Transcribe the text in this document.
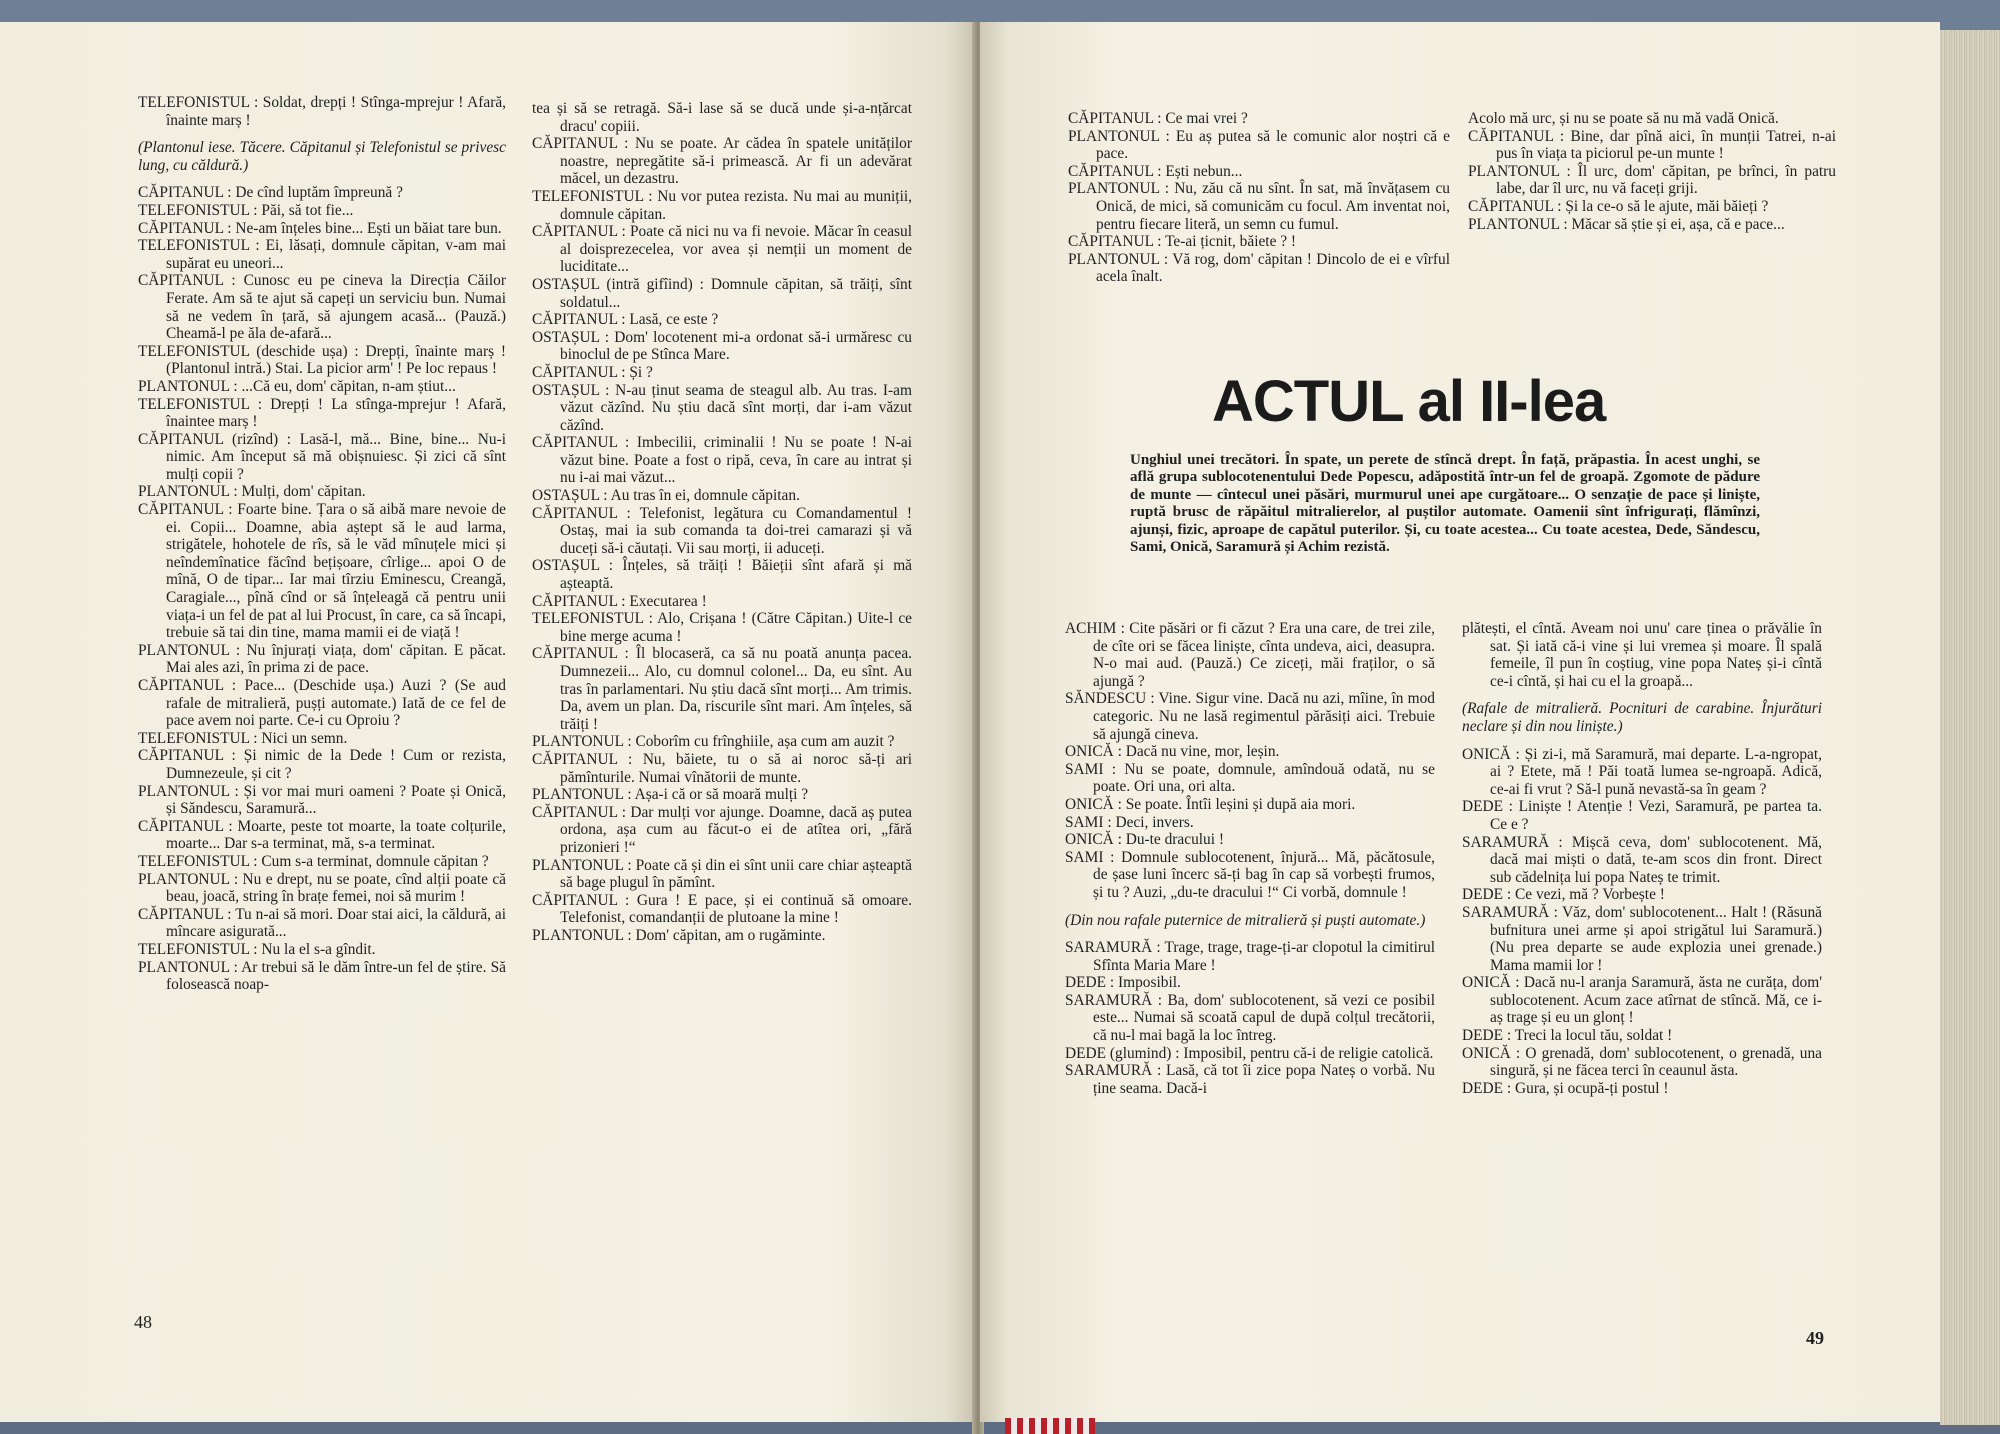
TELEFONISTUL : Soldat, drepți ! Stînga-mprejur ! Afară, înainte marș !

(Plantonul iese. Tăcere. Căpitanul și Telefonistul se privesc lung, cu căldură.)

CĂPITANUL : De cînd luptăm împreună ?

TELEFONISTUL : Păi, să tot fie...

CĂPITANUL : Ne-am înțeles bine... Ești un băiat tare bun.

TELEFONISTUL : Ei, lăsați, domnule căpitan, v-am mai supărat eu uneori...

CĂPITANUL : Cunosc eu pe cineva la Direcția Căilor Ferate. Am să te ajut să capeți un serviciu bun. Numai să ne vedem în țară, să ajungem acasă... (Pauză.) Cheamă-l pe ăla de-afară...

TELEFONISTUL (deschide ușa) : Drepți, înainte marș ! (Plantonul intră.) Stai. La picior arm' ! Pe loc repaus !

PLANTONUL : ...Că eu, dom' căpitan, n-am știut...

TELEFONISTUL : Drepți ! La stînga-mprejur ! Afară, înaintee marș !

CĂPITANUL (rizînd) : Lasă-l, mă... Bine, bine... Nu-i nimic. Am început să mă obișnuiesc. Și zici că sînt mulți copii ?

PLANTONUL : Mulți, dom' căpitan.

CĂPITANUL : Foarte bine. Țara o să aibă mare nevoie de ei. Copii... Doamne, abia aștept să le aud larma, strigătele, hohotele de rîs, să le văd mînuțele mici și neîndemînatice făcînd bețișoare, cîrlige... apoi O de mînă, O de tipar... Iar mai tîrziu Eminescu, Creangă, Caragiale..., pînă cînd or să înțeleagă că pentru unii viața-i un fel de pat al lui Procust, în care, ca să încapi, trebuie să tai din tine, mama mamii ei de viață !

PLANTONUL : Nu înjurați viața, dom' căpitan. E păcat. Mai ales azi, în prima zi de pace.

CĂPITANUL : Pace... (Deschide ușa.) Auzi ? (Se aud rafale de mitralieră, pușți automate.) Iată de ce fel de pace avem noi parte. Ce-i cu Oproiu ?

TELEFONISTUL : Nici un semn.

CĂPITANUL : Și nimic de la Dede ! Cum or rezista, Dumnezeule, și cit ?

PLANTONUL : Și vor mai muri oameni ? Poate și Onică, și Săndescu, Saramură...

CĂPITANUL : Moarte, peste tot moarte, la toate colțurile, moarte... Dar s-a terminat, mă, s-a terminat.

TELEFONISTUL : Cum s-a terminat, domnule căpitan ?

PLANTONUL : Nu e drept, nu se poate, cînd alții poate că beau, joacă, string în brațe femei, noi să murim !

CĂPITANUL : Tu n-ai să mori. Doar stai aici, la căldură, ai mîncare asigurată...

TELEFONISTUL : Nu la el s-a gîndit.

PLANTONUL : Ar trebui să le dăm între-un fel de știre. Să folosească noap-

tea și să se retragă. Să-i lase să se ducă unde și-a-nțărcat dracu' copiii.

CĂPITANUL : Nu se poate. Ar cădea în spatele unităților noastre, nepregătite să-i primească. Ar fi un adevărat măcel, un dezastru.

TELEFONISTUL : Nu vor putea rezista. Nu mai au muniții, domnule căpitan.

CĂPITANUL : Poate că nici nu va fi nevoie. Măcar în ceasul al doisprezecelea, vor avea și nemții un moment de luciditate...

OSTAȘUL (intră gifîind) : Domnule căpitan, să trăiți, sînt soldatul...

CĂPITANUL : Lasă, ce este ?

OSTAȘUL : Dom' locotenent mi-a ordonat să-i urmăresc cu binoclul de pe Stînca Mare.

CĂPITANUL : Și ?

OSTAȘUL : N-au ținut seama de steagul alb. Au tras. I-am văzut căzînd. Nu știu dacă sînt morți, dar i-am văzut căzînd.

CĂPITANUL : Imbecilii, criminalii ! Nu se poate ! N-ai văzut bine. Poate a fost o ripă, ceva, în care au intrat și nu i-ai mai văzut...

OSTAȘUL : Au tras în ei, domnule căpitan.

CĂPITANUL : Telefonist, legătura cu Comandamentul ! Ostaș, mai ia sub comanda ta doi-trei camarazi și vă duceți să-i căutați. Vii sau morți, ii aduceți.

OSTAȘUL : Înțeles, să trăiți ! Băieții sînt afară și mă așteaptă.

CĂPITANUL : Executarea !

TELEFONISTUL : Alo, Crișana ! (Către Căpitan.) Uite-l ce bine merge acuma !

CĂPITANUL : Îl blocaseră, ca să nu poată anunța pacea. Dumnezeii... Alo, cu domnul colonel... Da, eu sînt. Au tras în parlamentari. Nu știu dacă sînt morți... Am trimis. Da, avem un plan. Da, riscurile sînt mari. Am înțeles, să trăiți !

PLANTONUL : Coborîm cu frînghiile, așa cum am auzit ?

CĂPITANUL : Nu, băiete, tu o să ai noroc să-ți ari pămînturile. Numai vînătorii de munte.

PLANTONUL : Așa-i că or să moară mulți ?

CĂPITANUL : Dar mulți vor ajunge. Doamne, dacă aș putea ordona, așa cum au făcut-o ei de atîtea ori, „fără prizonieri !“

PLANTONUL : Poate că și din ei sînt unii care chiar așteaptă să bage plugul în pămînt.

CĂPITANUL : Gura ! E pace, și ei continuă să omoare. Telefonist, comandanții de plutoane la mine !

PLANTONUL : Dom' căpitan, am o rugăminte.

48

CĂPITANUL : Ce mai vrei ?

PLANTONUL : Eu aș putea să le comunic alor noștri că e pace.

CĂPITANUL : Ești nebun...

PLANTONUL : Nu, zău că nu sînt. În sat, mă învățasem cu Onică, de mici, să comunicăm cu focul. Am inventat noi, pentru fiecare literă, un semn cu fumul.

CĂPITANUL : Te-ai țicnit, băiete ? !

PLANTONUL : Vă rog, dom' căpitan ! Dincolo de ei e vîrful acela înalt.

Acolo mă urc, și nu se poate să nu mă vadă Onică.

CĂPITANUL : Bine, dar pînă aici, în munții Tatrei, n-ai pus în viața ta piciorul pe-un munte !

PLANTONUL : Îl urc, dom' căpitan, pe brînci, în patru labe, dar îl urc, nu vă faceți griji.

CĂPITANUL : Și la ce-o să le ajute, măi băieți ?

PLANTONUL : Măcar să știe și ei, așa, că e pace...

49
ACTUL al II-lea
Unghiul unei trecători. În spate, un perete de stîncă drept. În față, prăpastia. În acest unghi, se află grupa sublocotenentului Dede Popescu, adăpostită într-un fel de groapă. Zgomote de pădure de munte — cîntecul unei păsări, murmurul unei ape curgătoare... O senzație de pace și liniște, ruptă brusc de răpăitul mitralierelor, al puștilor automate. Oamenii sînt înfrigurați, flămînzi, ajunși, fizic, aproape de capătul puterilor. Și, cu toate acestea... Cu toate acestea, Dede, Săndescu, Sami, Onică, Saramură și Achim rezistă.

ACHIM : Cite păsări or fi căzut ? Era una care, de trei zile, de cîte ori se făcea liniște, cînta undeva, aici, deasupra. N-o mai aud. (Pauză.) Ce ziceți, măi fraților, o să ajungă ?

SĂNDESCU : Vine. Sigur vine. Dacă nu azi, mîine, în mod categoric. Nu ne lasă regimentul părăsiți aici. Trebuie să ajungă cineva.

ONICĂ : Dacă nu vine, mor, leșin.

SAMI : Nu se poate, domnule, amîndouă odată, nu se poate. Ori una, ori alta.

ONICĂ : Se poate. Întîi leșini și după aia mori.

SAMI : Deci, invers.

ONICĂ : Du-te dracului !

SAMI : Domnule sublocotenent, înjură... Mă, păcătosule, de șase luni încerc să-ți bag în cap să vorbești frumos, și tu ? Auzi, „du-te dracului !“ Ci vorbă, domnule !

(Din nou rafale puternice de mitralieră și puști automate.)

SARAMURĂ : Trage, trage, trage-ți-ar clopotul la cimitirul Sfînta Maria Mare !

DEDE : Imposibil.

SARAMURĂ : Ba, dom' sublocotenent, să vezi ce posibil este... Numai să scoată capul de după colțul trecătorii, că nu-l mai bagă la loc întreg.

DEDE (glumind) : Imposibil, pentru că-i de religie catolică.

SARAMURĂ : Lasă, că tot îi zice popa Nateș o vorbă. Nu ține seama. Dacă-i

plătești, el cîntă. Aveam noi unu' care ținea o prăvălie în sat. Și iată că-i vine și lui vremea și moare. Îl spală femeile, îl pun în coștiug, vine popa Nateș și-i cîntă ce-i cîntă, și hai cu el la groapă...

(Rafale de mitralieră. Pocnituri de carabine. Înjurături neclare și din nou liniște.)

ONICĂ : Și zi-i, mă Saramură, mai departe. L-a-ngropat, ai ? Etete, mă ! Păi toată lumea se-ngroapă. Adică, ce-ai fi vrut ? Să-l pună nevastă-sa în geam ?

DEDE : Liniște ! Atenție ! Vezi, Saramură, pe partea ta. Ce e ?

SARAMURĂ : Mișcă ceva, dom' sublocotenent. Mă, dacă mai miști o dată, te-am scos din front. Direct sub cădelnița lui popa Nateș te trimit.

DEDE : Ce vezi, mă ? Vorbește !

SARAMURĂ : Văz, dom' sublocotenent... Halt ! (Răsună bufnitura unei arme și apoi strigătul lui Saramură.) (Nu prea departe se aude explozia unei grenade.) Mama mamii lor !

ONICĂ : Dacă nu-l aranja Saramură, ăsta ne curăța, dom' sublocotenent. Acum zace atîrnat de stîncă. Mă, ce i-aș trage și eu un glonț !

DEDE : Treci la locul tău, soldat !

ONICĂ : O grenadă, dom' sublocotenent, o grenadă, una singură, și ne făcea terci în ceaunul ăsta.

DEDE : Gura, și ocupă-ți postul !
